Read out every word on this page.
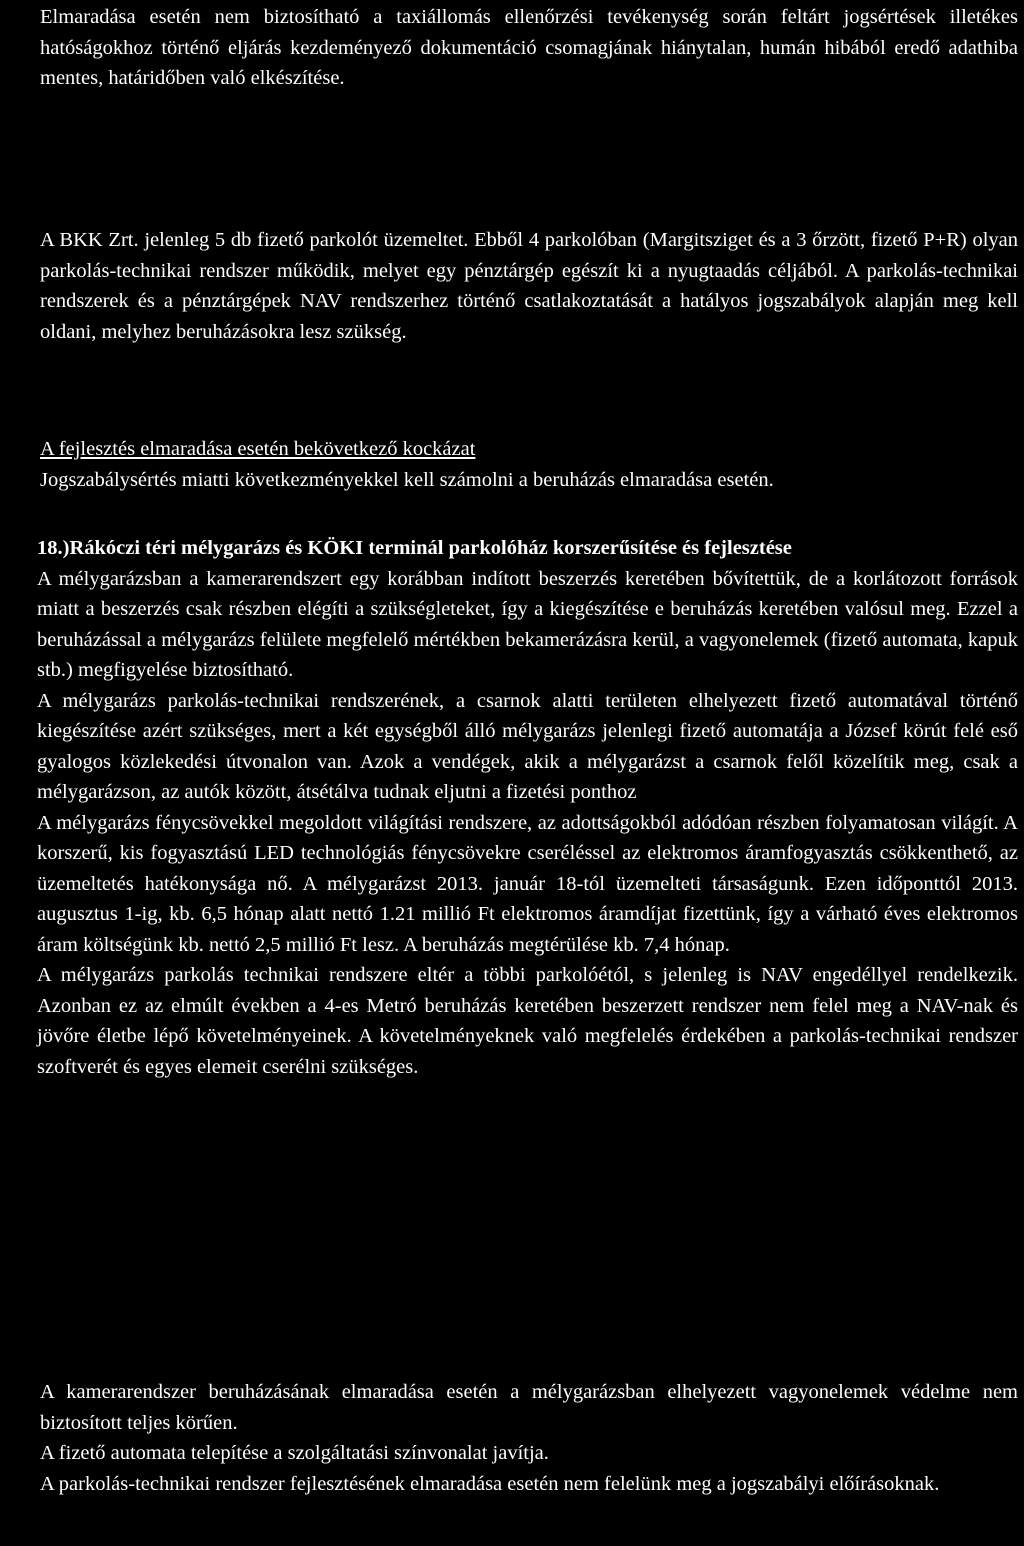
Elmaradása esetén nem biztosítható a taxiállomás ellenőrzési tevékenység során feltárt jogsértések illetékes hatóságokhoz történő eljárás kezdeményező dokumentáció csomagjának hiánytalan, humán hibából eredő adathiba mentes, határidőben való elkészítése.

A BKK Zrt. jelenleg 5 db fizető parkolót üzemeltet. Ebből 4 parkolóban (Margitsziget és a 3 őrzött, fizető P+R) olyan parkolás-technikai rendszer működik, melyet egy pénztárgép egészít ki a nyugtaadás céljából. A parkolás-technikai rendszerek és a pénztárgépek NAV rendszerhez történő csatlakoztatását a hatályos jogszabályok alapján meg kell oldani, melyhez beruházásokra lesz szükség.

A fejlesztés elmaradása esetén bekövetkező kockázat

Jogszabálysértés miatti következményekkel kell számolni a beruházás elmaradása esetén.

18.)Rákóczi téri mélygarázs és KÖKI terminál parkolóház korszerűsítése és fejlesztése

A mélygarázsban a kamerarendszert egy korábban indított beszerzés keretében bővítettük, de a korlátozott források miatt a beszerzés csak részben elégíti a szükségleteket, így a kiegészítése e beruházás keretében valósul meg. Ezzel a beruházással a mélygarázs felülete megfelelő mértékben bekamerázásra kerül, a vagyonelemek (fizető automata, kapuk stb.) megfigyelése biztosítható.

A mélygarázs parkolás-technikai rendszerének, a csarnok alatti területen elhelyezett fizető automatával történő kiegészítése azért szükséges, mert a két egységből álló mélygarázs jelenlegi fizető automatája a József körút felé eső gyalogos közlekedési útvonalon van. Azok a vendégek, akik a mélygarázst a csarnok felől közelítik meg, csak a mélygarázson, az autók között, átsétálva tudnak eljutni a fizetési ponthoz

A mélygarázs fénycsövekkel megoldott világítási rendszere, az adottságokból adódóan részben folyamatosan világít. A korszerű, kis fogyasztású LED technológiás fénycsövekre cseréléssel az elektromos áramfogyasztás csökkenthető, az üzemeltetés hatékonysága nő. A mélygarázst 2013. január 18-tól üzemelteti társaságunk. Ezen időponttól 2013. augusztus 1-ig, kb. 6,5 hónap alatt nettó 1.21 millió Ft elektromos áramdíjat fizettünk, így a várható éves elektromos áram költségünk kb. nettó 2,5 millió Ft lesz. A beruházás megtérülése kb. 7,4 hónap.

A mélygarázs parkolás technikai rendszere eltér a többi parkolóétól, s jelenleg is NAV engedéllyel rendelkezik. Azonban ez az elmúlt években a 4-es Metró beruházás keretében beszerzett rendszer nem felel meg a NAV-nak és jövőre életbe lépő követelményeinek. A követelményeknek való megfelelés érdekében a parkolás-technikai rendszer szoftverét és egyes elemeit cserélni szükséges.

A kamerarendszer beruházásának elmaradása esetén a mélygarázsban elhelyezett vagyonelemek védelme nem biztosított teljes körűen.

A fizető automata telepítése a szolgáltatási színvonalat javítja.

A parkolás-technikai rendszer fejlesztésének elmaradása esetén nem felelünk meg a jogszabályi előírásoknak.
